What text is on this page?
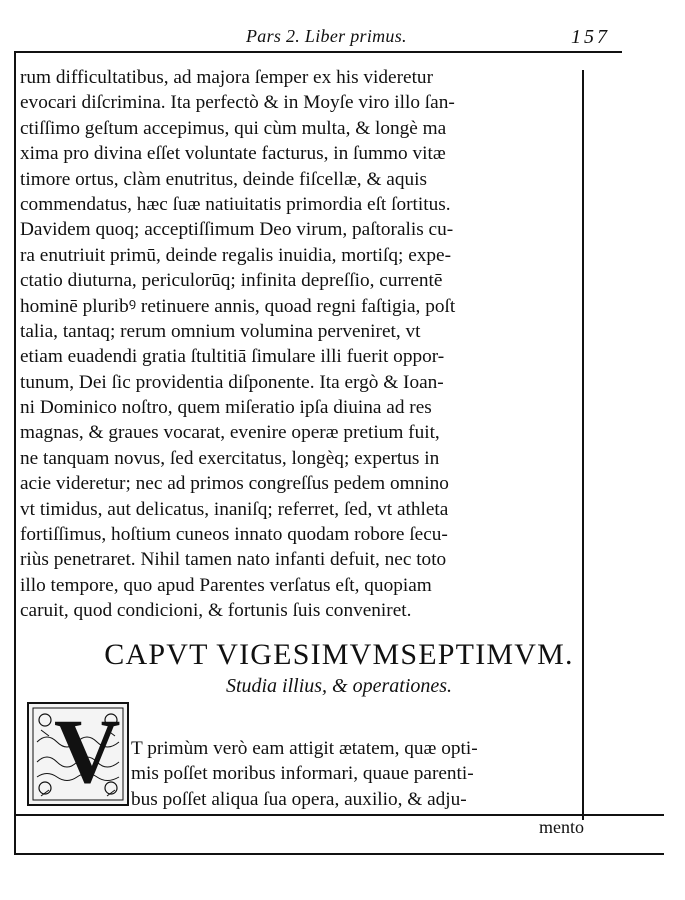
Pars 2. Liber primus.	157
rum difficultatibus, ad majora ſemper ex his videretur
evocari diſcrimina. Ita perfectò & in Moyſe viro illo ſan-
ctiſſimo geſtum accepimus, qui cùm multa, & longè ma
xima pro divina eſſet voluntate facturus, in ſummo vitæ
timore ortus, clàm enutritus, deinde fiſcellæ, & aquis
commendatus, hæc ſuæ natiuitatis primordia eſt ſortitus.
Davidem quoq; acceptiſſimum Deo virum, paſtoralis cu-
ra enutriuit primū, deinde regalis inuidia, mortiſq; expe-
ctatio diuturna, periculorūq; infinita depreſſio, currentē
hominē pluribꝰ retinuere annis, quoad regni faſtigia, poſt
talia, tantaq; rerum omnium volumina perveniret, vt
etiam euadendi gratia ſtultitiā ſimulare illi fuerit oppor-
tunum, Dei ſic providentia diſponente. Ita ergò & Ioan-
ni Dominico noſtro, quem miſeratio ipſa diuina ad res
magnas, & graues vocarat, evenire operæ pretium fuit,
ne tanquam novus, ſed exercitatus, longèq; expertus in
acie videretur; nec ad primos congreſſus pedem omnino
vt timidus, aut delicatus, inaniſq; referret, ſed, vt athleta
fortiſſimus, hoſtium cuneos innato quodam robore ſecu-
riùs penetraret. Nihil tamen nato infanti defuit, nec toto
illo tempore, quo apud Parentes verſatus eſt, quopiam
caruit, quod condicioni, & fortunis ſuis conveniret.
CAPVT VIGESIMVMSEPTIMVM.
Studia illius, & operationes.
V T primùm verò eam attigit ætatem, quæ opti-
mis poſſet moribus informari, quaue parenti-
bus poſſet aliqua ſua opera, auxilio, & adju-
mento
